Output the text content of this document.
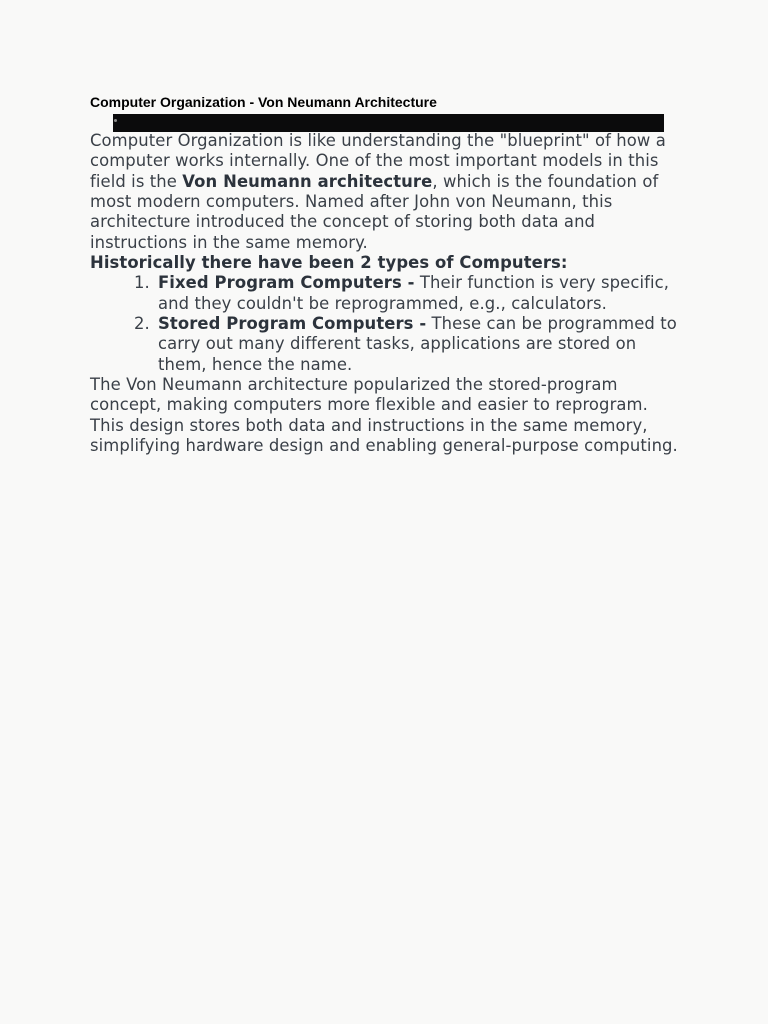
Computer Organization - Von Neumann Architecture

Computer Organization is like understanding the "blueprint" of how a computer works internally. One of the most important models in this field is the Von Neumann architecture, which is the foundation of most modern computers. Named after John von Neumann, this architecture introduced the concept of storing both data and instructions in the same memory.

Historically there have been 2 types of Computers:

1. Fixed Program Computers - Their function is very specific, and they couldn't be reprogrammed, e.g., calculators.
2. Stored Program Computers - These can be programmed to carry out many different tasks, applications are stored on them, hence the name.

The Von Neumann architecture popularized the stored-program concept, making computers more flexible and easier to reprogram. This design stores both data and instructions in the same memory, simplifying hardware design and enabling general-purpose computing.
